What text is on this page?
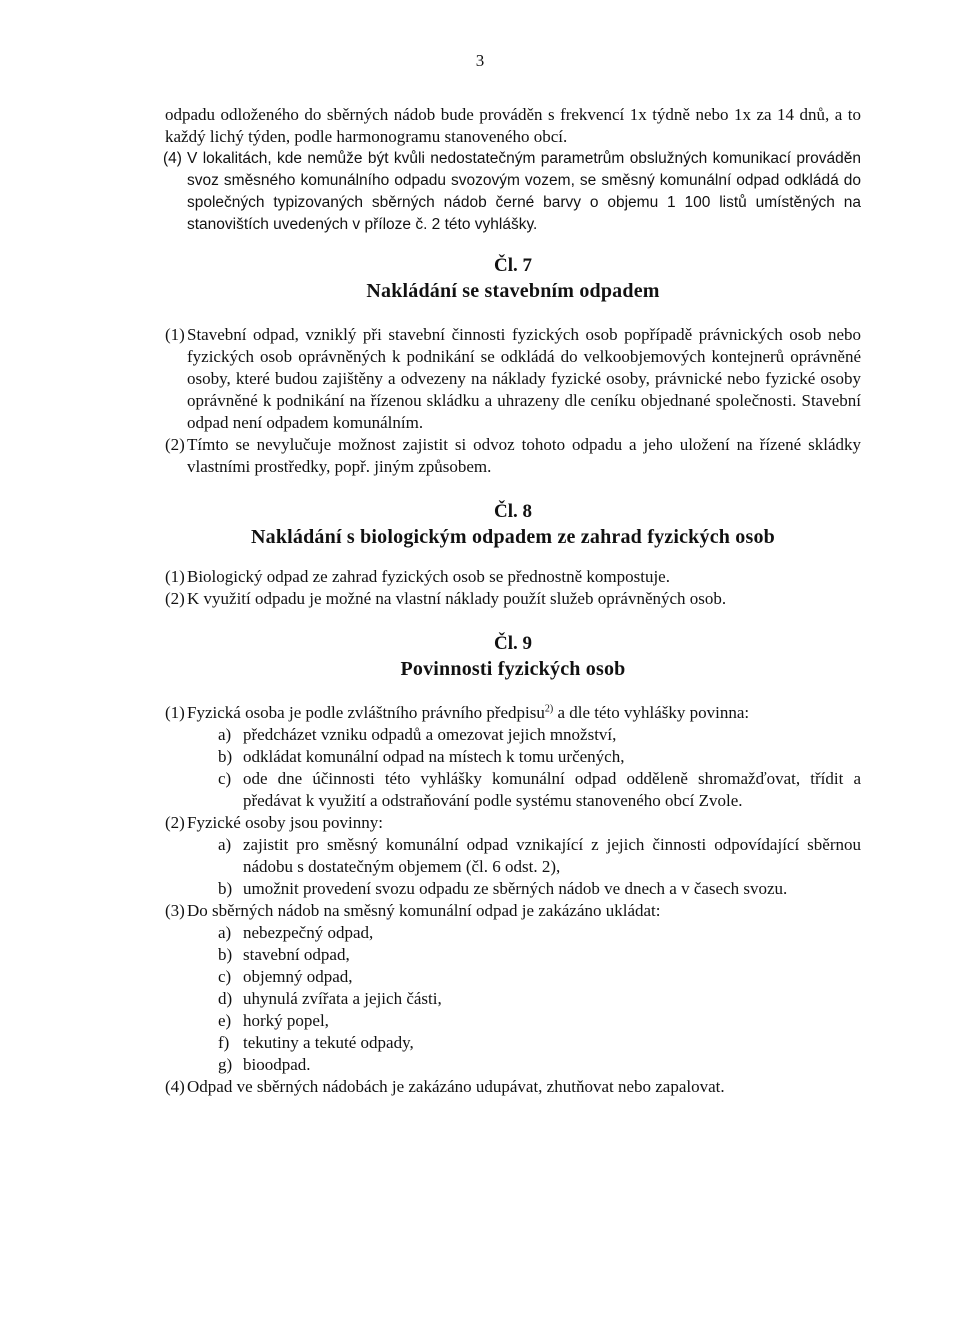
3

odpadu odloženého do sběrných nádob bude prováděn s frekvencí 1x týdně nebo 1x za 14 dnů, a to každý lichý týden, podle harmonogramu stanoveného obcí.

(4) V lokalitách, kde nemůže být kvůli nedostatečným parametrům obslužných komunikací prováděn svoz směsného komunálního odpadu svozovým vozem, se směsný komunální odpad odkládá do společných typizovaných sběrných nádob černé barvy o objemu 1 100 listů umístěných na stanovištích uvedených v příloze č. 2 této vyhlášky.
Čl. 7
Nakládání se stavebním odpadem
(1) Stavební odpad, vzniklý při stavební činnosti fyzických osob popřípadě právnických osob nebo fyzických osob oprávněných k podnikání se odkládá do velkoobjemových kontejnerů oprávněné osoby, které budou zajištěny a odvezeny na náklady fyzické osoby, právnické nebo fyzické osoby oprávněné k podnikání na řízenou skládku a uhrazeny dle ceníku objednané společnosti. Stavební odpad není odpadem komunálním.
(2) Tímto se nevylučuje možnost zajistit si odvoz tohoto odpadu a jeho uložení na řízené skládky vlastními prostředky, popř. jiným způsobem.
Čl. 8
Nakládání s biologickým odpadem ze zahrad fyzických osob
(1) Biologický odpad ze zahrad fyzických osob se přednostně kompostuje.
(2) K využití odpadu je možné na vlastní náklady použít služeb oprávněných osob.
Čl. 9
Povinnosti fyzických osob
(1) Fyzická osoba je podle zvláštního právního předpisu$^{2)}$ a dle této vyhlášky povinna:
a) předcházet vzniku odpadů a omezovat jejich množství,
b) odkládat komunální odpad na místech k tomu určených,
c) ode dne účinnosti této vyhlášky komunální odpad odděleně shromažďovat, třídit a předávat k využití a odstraňování podle systému stanoveného obcí Zvole.
(2) Fyzické osoby jsou povinny:
a) zajistit pro směsný komunální odpad vznikající z jejich činnosti odpovídající sběrnou nádobu s dostatečným objemem (čl. 6 odst. 2),
b) umožnit provedení svozu odpadu ze sběrných nádob ve dnech a v časech svozu.
(3) Do sběrných nádob na směsný komunální odpad je zakázáno ukládat:
a) nebezpečný odpad,
b) stavební odpad,
c) objemný odpad,
d) uhynulá zvířata a jejich části,
e) horký popel,
f) tekutiny a tekuté odpady,
g) bioodpad.
(4) Odpad ve sběrných nádobách je zakázáno udupávat, zhutňovat nebo zapalovat.
